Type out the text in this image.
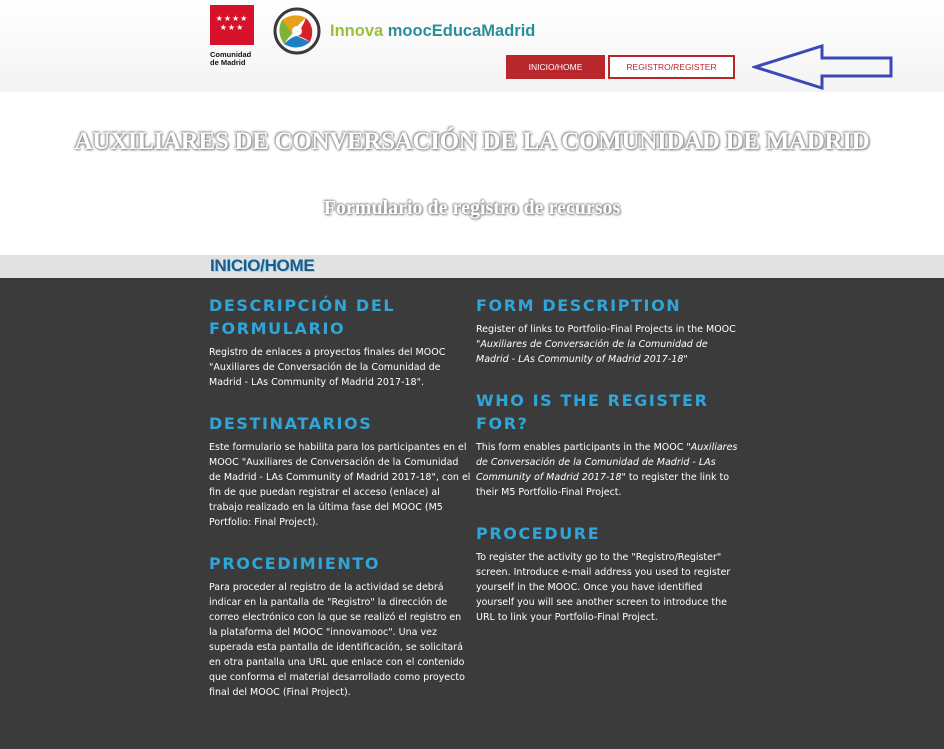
★★★★ ★★★
Comunidad
de Madrid
Innova moocEducaMadrid
INICIO/HOME	REGISTRO/REGISTER
AUXILIARES DE CONVERSACIÓN DE LA COMUNIDAD DE MADRID
Formulario de registro de recursos
INICIO/HOME
DESCRIPCIÓN DEL FORMULARIO

Registro de enlaces a proyectos finales del MOOC "Auxiliares de Conversación de la Comunidad de Madrid - LAs Community of Madrid 2017-18".

DESTINATARIOS

Este formulario se habilita para los participantes en el MOOC "Auxiliares de Conversación de la Comunidad de Madrid - LAs Community of Madrid 2017-18", con el fin de que puedan registrar el acceso (enlace) al trabajo realizado en la última fase del MOOC (M5 Portfolio: Final Project).

PROCEDIMIENTO

Para proceder al registro de la actividad se debrá indicar en la pantalla de "Registro" la dirección de correo electrónico con la que se realizó el registro en la plataforma del MOOC "innovamooc". Una vez superada esta pantalla de identificación, se solicitará en otra pantalla una URL que enlace con el contenido que conforma el material desarrollado como proyecto final del MOOC (Final Project).

FORM DESCRIPTION

Register of links to Portfolio-Final Projects in the MOOC "Auxiliares de Conversación de la Comunidad de Madrid - LAs Community of Madrid 2017-18"

WHO IS THE REGISTER FOR?

This form enables participants in the MOOC "Auxiliares de Conversación de la Comunidad de Madrid - LAs Community of Madrid 2017-18" to register the link to their M5 Portfolio-Final Project.

PROCEDURE

To register the activity go to the "Registro/Register" screen. Introduce e-mail address you used to register yourself in the MOOC. Once you have identified yourself you will see another screen to introduce the URL to link your Portfolio-Final Project.
